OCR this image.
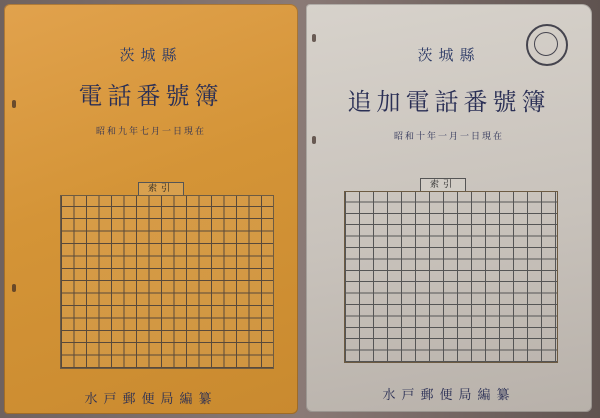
茨城縣
電話番號簿
昭和九年七月一日現在
索引
水戸郵便局編纂
茨城縣
追加電話番號簿
昭和十年一月一日現在
索引
水戸郵便局編纂
